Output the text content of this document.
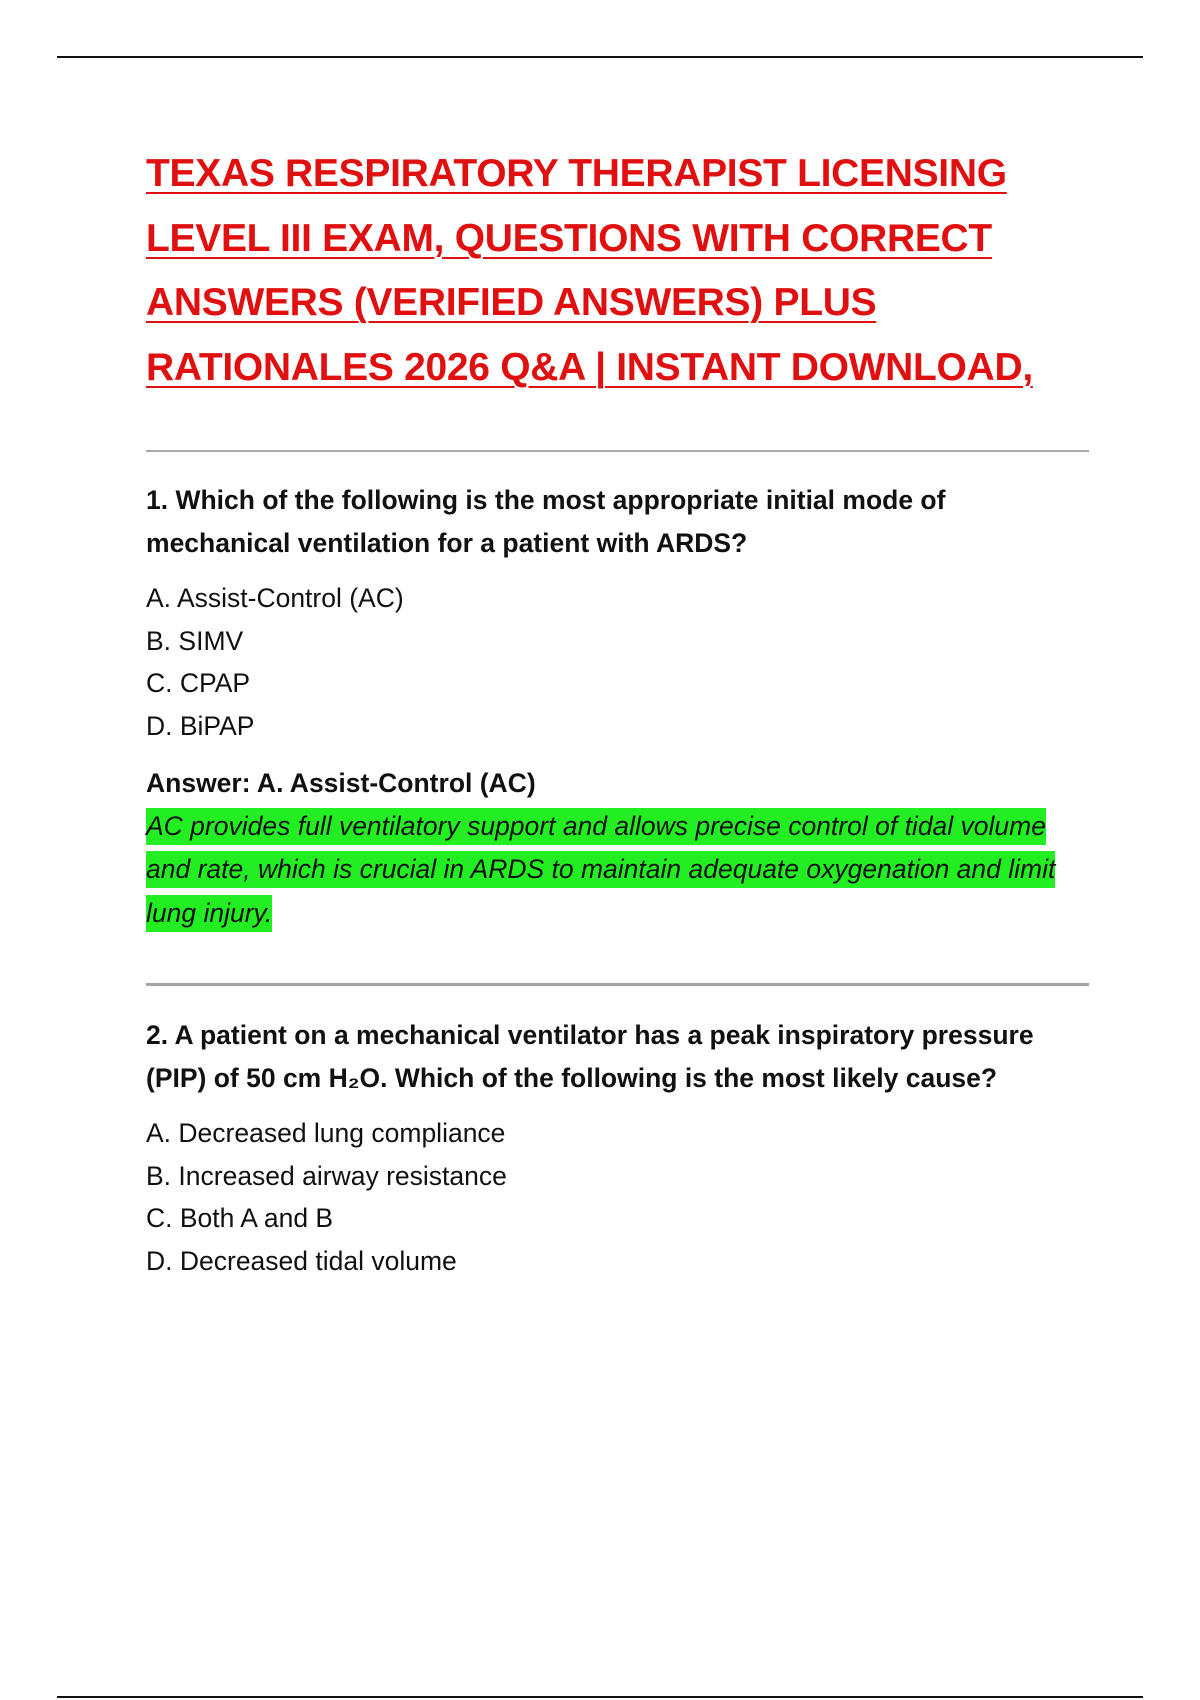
TEXAS RESPIRATORY THERAPIST LICENSING LEVEL III EXAM, QUESTIONS WITH CORRECT ANSWERS (VERIFIED ANSWERS) PLUS RATIONALES 2026 Q&A | INSTANT DOWNLOAD,

1. Which of the following is the most appropriate initial mode of mechanical ventilation for a patient with ARDS?

A. Assist-Control (AC)
B. SIMV
C. CPAP
D. BiPAP

Answer: A. Assist-Control (AC)

AC provides full ventilatory support and allows precise control of tidal volume and rate, which is crucial in ARDS to maintain adequate oxygenation and limit lung injury.

2. A patient on a mechanical ventilator has a peak inspiratory pressure (PIP) of 50 cm H₂O. Which of the following is the most likely cause?

A. Decreased lung compliance
B. Increased airway resistance
C. Both A and B
D. Decreased tidal volume
